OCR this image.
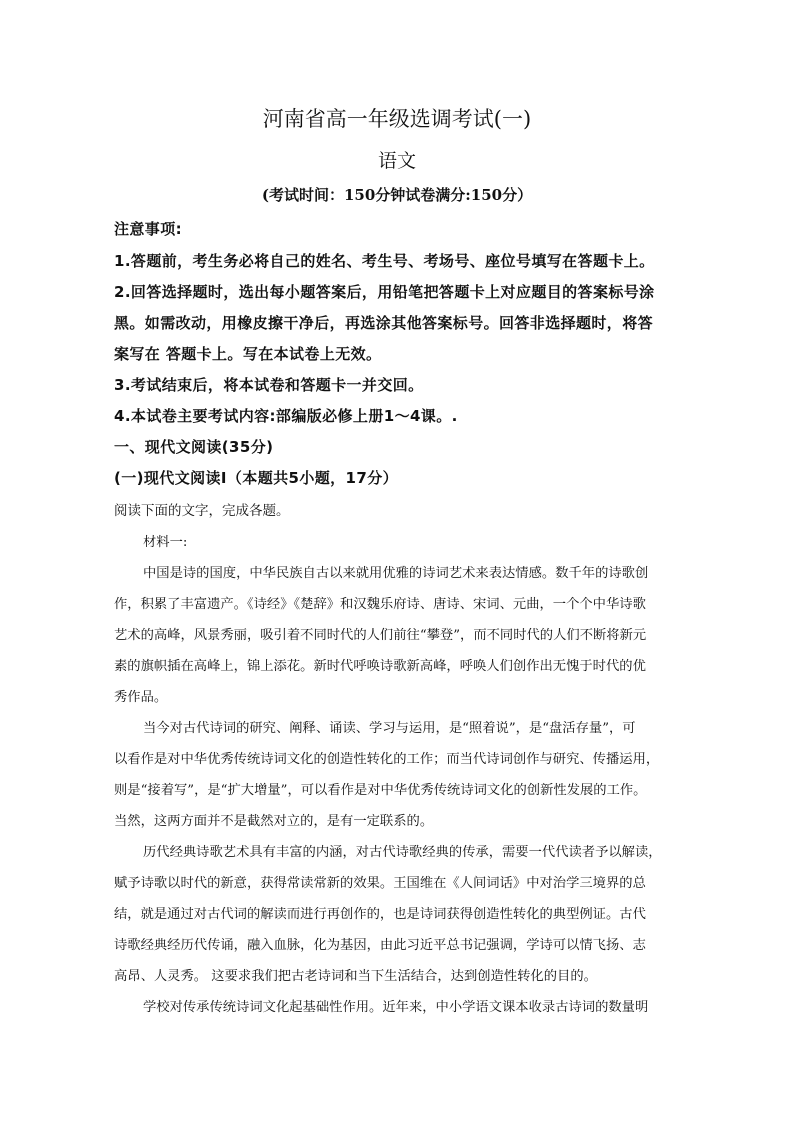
河南省高一年级选调考试(一)
语文
(考试时间：150分钟试卷满分:150分）
注意事项:
1.答题前，考生务必将自己的姓名、考生号、考场号、座位号填写在答题卡上。
2.回答选择题时，选出每小题答案后，用铅笔把答题卡上对应题目的答案标号涂
黑。如需改动，用橡皮擦干净后，再选涂其他答案标号。回答非选择题时，将答
案写在 答题卡上。写在本试卷上无效。
3.考试结束后，将本试卷和答题卡一并交回。
4.本试卷主要考试内容:部编版必修上册1～4课。.
一、现代文阅读(35分)
(一)现代文阅读Ⅰ（本题共5小题，17分）
阅读下面的文字，完成各题。
材料一:
中国是诗的国度，中华民族自古以来就用优雅的诗词艺术来表达情感。数千年的诗歌创
作，积累了丰富遗产。《诗经》《楚辞》和汉魏乐府诗、唐诗、宋词、元曲，一个个中华诗歌
艺术的高峰，风景秀丽，吸引着不同时代的人们前往“攀登”，而不同时代的人们不断将新元
素的旗帜插在高峰上，锦上添花。新时代呼唤诗歌新高峰，呼唤人们创作出无愧于时代的优
秀作品。
当今对古代诗词的研究、阐释、诵读、学习与运用，是“照着说”，是“盘活存量”，可
以看作是对中华优秀传统诗词文化的创造性转化的工作；而当代诗词创作与研究、传播运用，
则是“接着写”，是“扩大增量”，可以看作是对中华优秀传统诗词文化的创新性发展的工作。
当然，这两方面并不是截然对立的，是有一定联系的。
历代经典诗歌艺术具有丰富的内涵，对古代诗歌经典的传承，需要一代代读者予以解读，
赋予诗歌以时代的新意，获得常读常新的效果。王国维在《人间词话》中对治学三境界的总
结，就是通过对古代词的解读而进行再创作的，也是诗词获得创造性转化的典型例证。古代
诗歌经典经历代传诵，融入血脉，化为基因，由此习近平总书记强调，学诗可以情飞扬、志
高昂、人灵秀。 这要求我们把古老诗词和当下生活结合，达到创造性转化的目的。
学校对传承传统诗词文化起基础性作用。近年来，中小学语文课本收录古诗词的数量明
